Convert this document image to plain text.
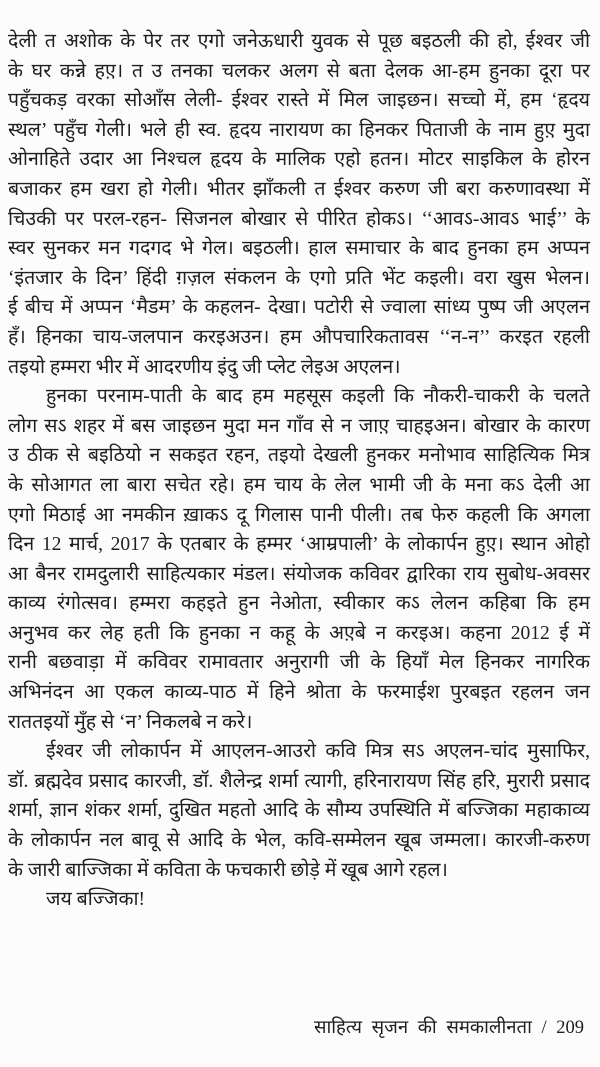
देली त अशोक के पेर तर एगो जनेऊधारी युवक से पूछ बइठली की हो, ईश्वर जी
के घर कन्ने हए़। त उ तनका चलकर अलग से बता देलक आ-हम हुनका दूरा पर
पहुँचकड़ वरका सोआँस लेली- ईश्वर रास्ते में मिल जाइछन। सच्चो में, हम ‘हृदय
स्थल’ पहुँच गेली। भले ही स्व. हृदय नारायण का हिनकर पिताजी के नाम हुए़ मुदा
ओनाहिते उदार आ निश्चल हृदय के मालिक एहो हतन। मोटर साइकिल के होरन
बजाकर हम खरा हो गेली। भीतर झाँकली त ईश्वर करुण जी बरा करुणावस्था में
चिउकी पर परल-रहन- सिजनल बोखार से पीरित होकऽ। ‘‘आवऽ-आवऽ भाई’’ के
स्वर सुनकर मन गदगद भे गेल। बइठली। हाल समाचार के बाद हुनका हम अप्पन
‘इंतजार के दिन’ हिंदी ग़ज़ल संकलन के एगो प्रति भेंट कइली। वरा खुस भेलन।
ई बीच में अप्पन ‘मैडम’ के कहलन- देखा। पटोरी से ज्वाला सांध्य पुष्प जी अएलन
हँ। हिनका चाय-जलपान करइअउन। हम औपचारिकतावस ‘‘न-न’’ करइत रहली
तइयो हम्मरा भीर में आदरणीय इंदु जी प्लेट लेइअ अएलन।

हुनका परनाम-पाती के बाद हम महसूस कइली कि नौकरी-चाकरी के चलते
लोग सऽ शहर में बस जाइछन मुदा मन गाँव से न जाए़ चाहइअन। बोखार के कारण
उ ठीक से बइठियो न सकइत रहन, तइयो देखली हुनकर मनोभाव साहित्यिक मित्र
के सोआगत ला बारा सचेत रहे। हम चाय के लेल भामी जी के मना कऽ देली आ
एगो मिठाई आ नमकीन ख़ाकऽ दू गिलास पानी पीली। तब फेरु कहली कि अगला
दिन 12 मार्च, 2017 के एतबार के हम्मर ‘आम्रपाली’ के लोकार्पन हुए़। स्थान ओहो
आ बैनर रामदुलारी साहित्यकार मंडल। संयोजक कविवर द्वारिका राय सुबोध-अवसर
काव्य रंगोत्सव। हम्मरा कहइते हुन नेओता, स्वीकार कऽ लेलन कहिबा कि हम
अनुभव कर लेह हती कि हुनका न कहू के अए़बे न करइअ। कहना 2012 ई में
रानी बछवाड़ा में कविवर रामावतार अनुरागी जी के हियाँ मेल हिनकर नागरिक
अभिनंदन आ एकल काव्य-पाठ में हिने श्रोता के फरमाईश पुरबइत रहलन जन
राततइयों मुँह से ‘न’ निकलबे न करे।

ईश्वर जी लोकार्पन में आएलन-आउरो कवि मित्र सऽ अएलन-चांद मुसाफिर,
डॉ. ब्रह्मदेव प्रसाद कारजी, डॉ. शैलेन्द्र शर्मा त्यागी, हरिनारायण सिंह हरि, मुरारी प्रसाद
शर्मा, ज्ञान शंकर शर्मा, दुखित महतो आदि के सौम्य उपस्थिति में बज्जिका महाकाव्य
के लोकार्पन नल बावू से आदि के भेल, कवि-सम्मेलन खूब जम्मला। कारजी-करुण
के जारी बाज्जिका में कविता के फचकारी छोड़े में खूब आगे रहल।

जय बज्जिका!

साहित्य सृजन की समकालीनता / 209
